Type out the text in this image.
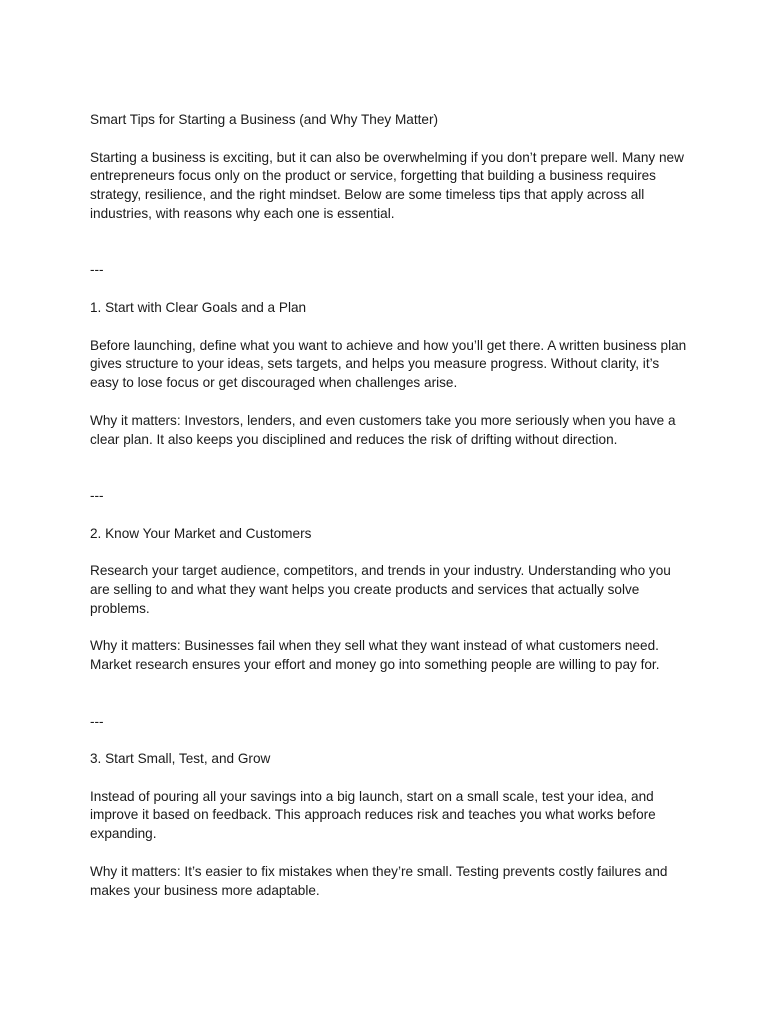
Smart Tips for Starting a Business (and Why They Matter)

Starting a business is exciting, but it can also be overwhelming if you don’t prepare well. Many new entrepreneurs focus only on the product or service, forgetting that building a business requires strategy, resilience, and the right mindset. Below are some timeless tips that apply across all industries, with reasons why each one is essential.

---

1. Start with Clear Goals and a Plan

Before launching, define what you want to achieve and how you’ll get there. A written business plan gives structure to your ideas, sets targets, and helps you measure progress. Without clarity, it’s easy to lose focus or get discouraged when challenges arise.

Why it matters: Investors, lenders, and even customers take you more seriously when you have a clear plan. It also keeps you disciplined and reduces the risk of drifting without direction.

---

2. Know Your Market and Customers

Research your target audience, competitors, and trends in your industry. Understanding who you are selling to and what they want helps you create products and services that actually solve problems.

Why it matters: Businesses fail when they sell what they want instead of what customers need. Market research ensures your effort and money go into something people are willing to pay for.

---

3. Start Small, Test, and Grow

Instead of pouring all your savings into a big launch, start on a small scale, test your idea, and improve it based on feedback. This approach reduces risk and teaches you what works before expanding.

Why it matters: It’s easier to fix mistakes when they’re small. Testing prevents costly failures and makes your business more adaptable.
